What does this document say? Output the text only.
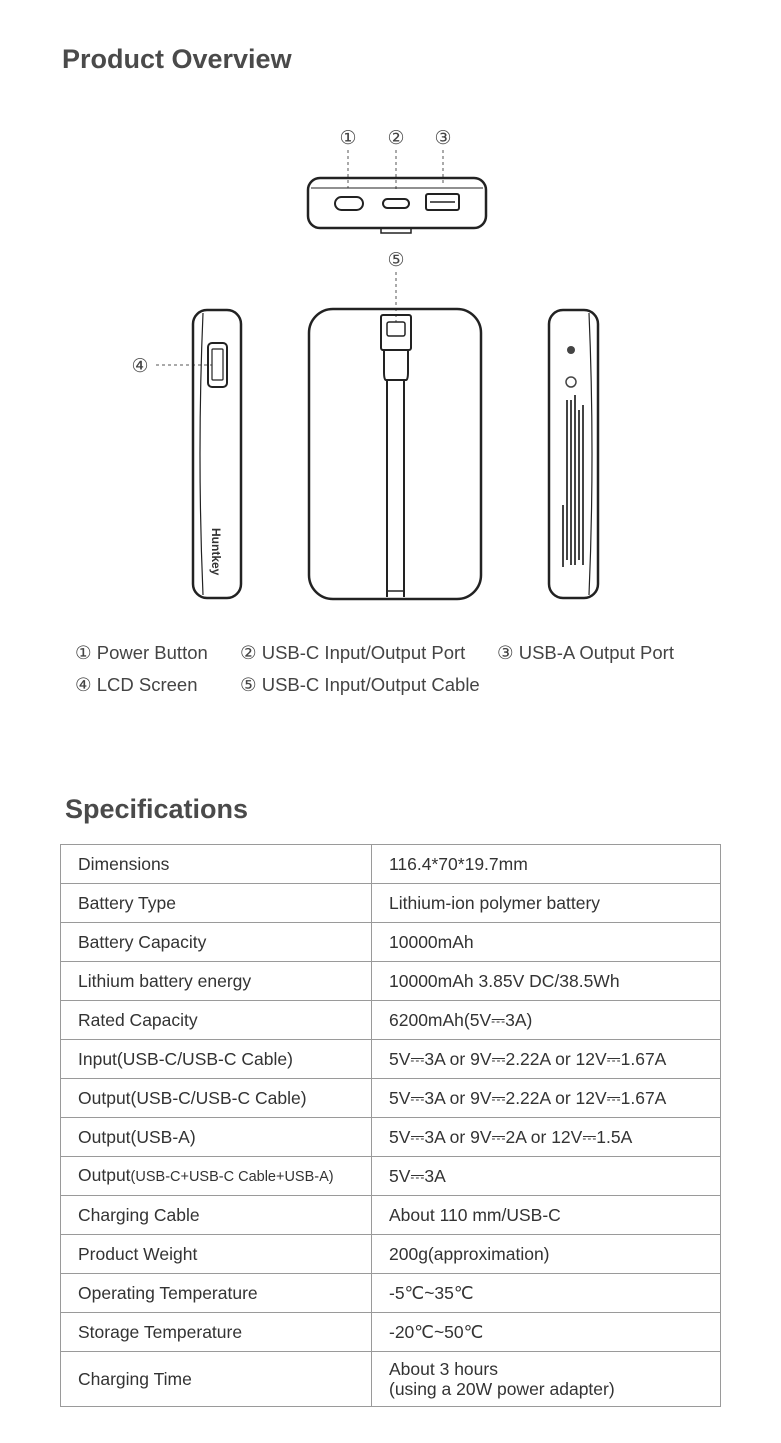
Product Overview
① ② ③
⑤
④
Huntkey
① Power Button ② USB-C Input/Output Port ③ USB-A Output Port
④ LCD Screen ⑤ USB-C Input/Output Cable
Specifications
Dimensions	116.4*70*19.7mm
Battery Type	Lithium-ion polymer battery
Battery Capacity	10000mAh
Lithium battery energy	10000mAh 3.85V DC/38.5Wh
Rated Capacity	6200mAh(5V⎓3A)
Input(USB-C/USB-C Cable)	5V⎓3A or 9V⎓2.22A or 12V⎓1.67A
Output(USB-C/USB-C Cable)	5V⎓3A or 9V⎓2.22A or 12V⎓1.67A
Output(USB-A)	5V⎓3A or 9V⎓2A or 12V⎓1.5A
Output(USB-C+USB-C Cable+USB-A)	5V⎓3A
Charging Cable	About 110 mm/USB-C
Product Weight	200g(approximation)
Operating Temperature	-5℃~35℃
Storage Temperature	-20℃~50℃
Charging Time	About 3 hours
(using a 20W power adapter)
